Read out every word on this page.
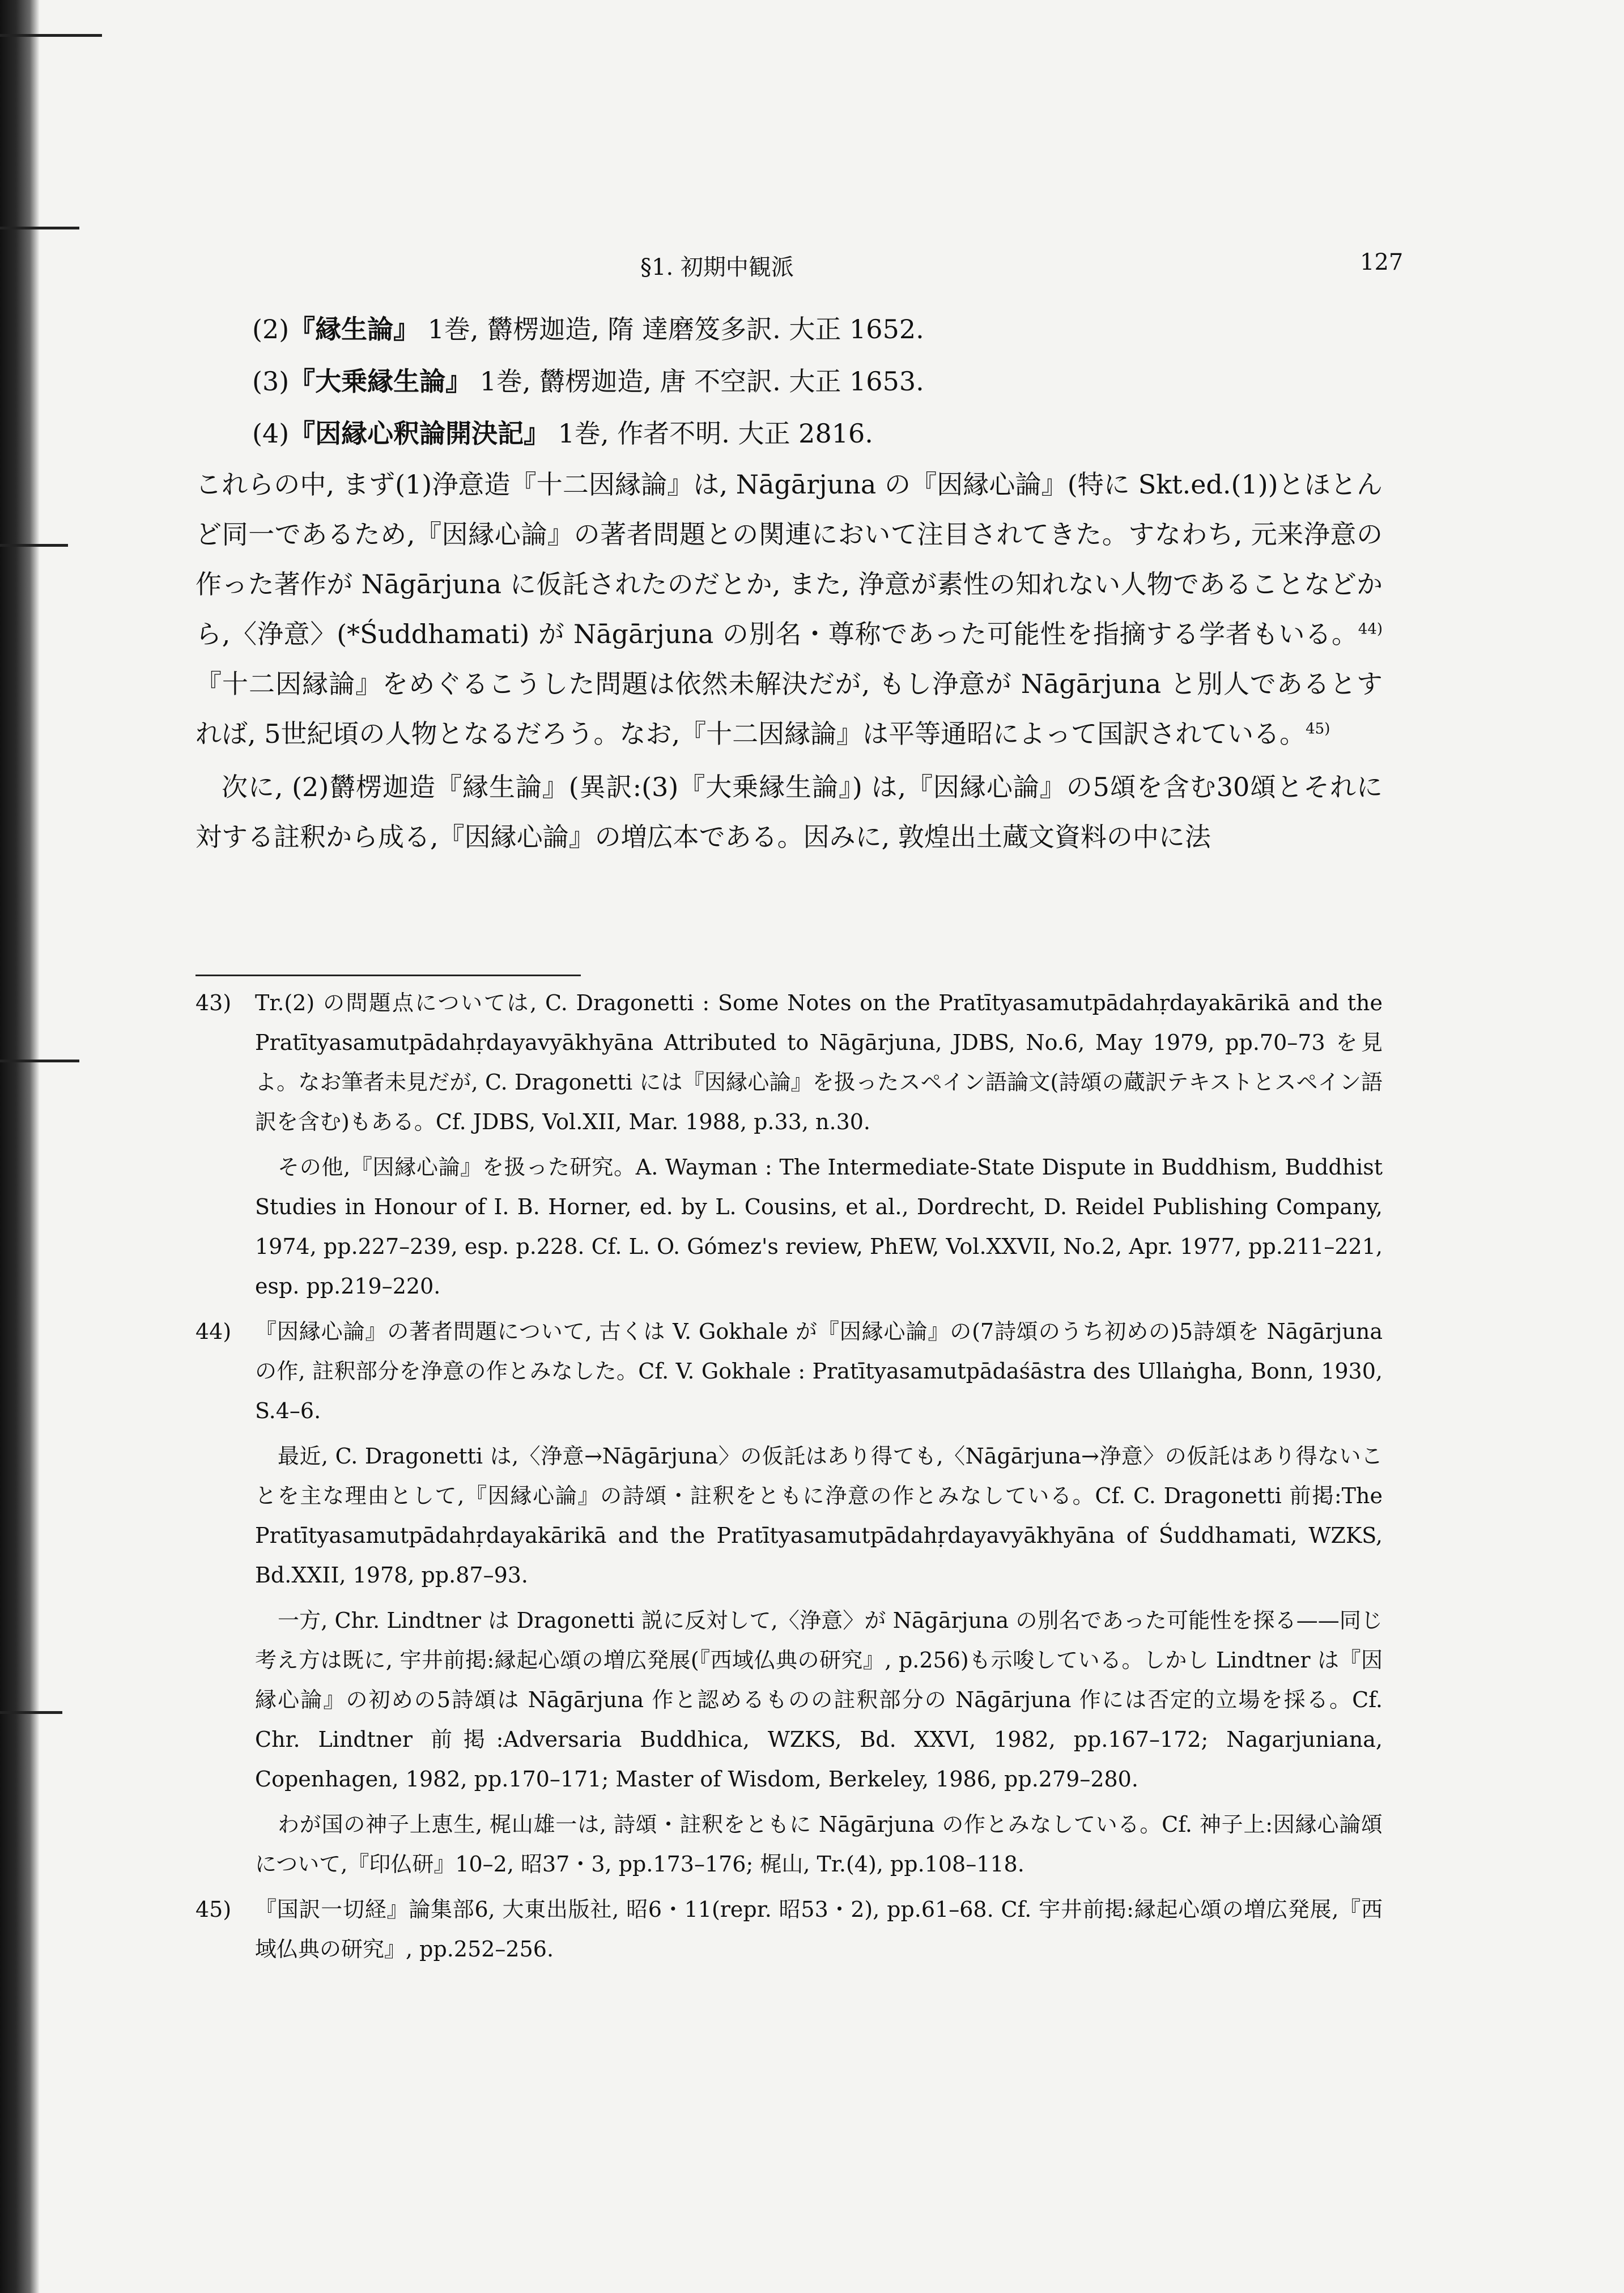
§1. 初期中観派	127

(2)『縁生論』 1巻, 欝楞迦造, 隋 達磨笈多訳. 大正 1652.

(3)『大乗縁生論』 1巻, 欝楞迦造, 唐 不空訳. 大正 1653.

(4)『因縁心釈論開決記』 1巻, 作者不明. 大正 2816.

これらの中, まず(1)浄意造『十二因縁論』は, Nāgārjuna の『因縁心論』(特に Skt.ed.(1))とほとんど同一であるため,『因縁心論』の著者問題との関連において注目されてきた。すなわち, 元来浄意の作った著作が Nāgārjuna に仮託されたのだとか, また, 浄意が素性の知れない人物であることなどから,〈浄意〉(*Śuddhamati) が Nāgārjuna の別名・尊称であった可能性を指摘する学者もいる。$^{44)}$『十二因縁論』をめぐるこうした問題は依然未解決だが, もし浄意が Nāgārjuna と別人であるとすれば, 5世紀頃の人物となるだろう。なお,『十二因縁論』は平等通昭によって国訳されている。$^{45)}$

次に, (2)欝楞迦造『縁生論』(異訳:(3)『大乗縁生論』) は,『因縁心論』の5頌を含む30頌とそれに対する註釈から成る,『因縁心論』の増広本である。因みに, 敦煌出土蔵文資料の中に法

43) Tr.(2) の問題点については, C. Dragonetti : Some Notes on the Pratītyasamutpādahṛdayakārikā and the Pratītyasamutpādahṛdayavyākhyāna Attributed to Nāgārjuna, JDBS, No.6, May 1979, pp.70–73 を見よ。なお筆者未見だが, C. Dragonetti には『因縁心論』を扱ったスペイン語論文(詩頌の蔵訳テキストとスペイン語訳を含む)もある。Cf. JDBS, Vol.XII, Mar. 1988, p.33, n.30.

その他,『因縁心論』を扱った研究。A. Wayman : The Intermediate-State Dispute in Buddhism, Buddhist Studies in Honour of I. B. Horner, ed. by L. Cousins, et al., Dordrecht, D. Reidel Publishing Company, 1974, pp.227–239, esp. p.228. Cf. L. O. Gómez's review, PhEW, Vol.XXVII, No.2, Apr. 1977, pp.211–221, esp. pp.219–220.

44) 『因縁心論』の著者問題について, 古くは V. Gokhale が『因縁心論』の(7詩頌のうち初めの)5詩頌を Nāgārjuna の作, 註釈部分を浄意の作とみなした。Cf. V. Gokhale : Pratītyasamutpādaśāstra des Ullaṅgha, Bonn, 1930, S.4–6.

最近, C. Dragonetti は,〈浄意→Nāgārjuna〉の仮託はあり得ても,〈Nāgārjuna→浄意〉の仮託はあり得ないことを主な理由として,『因縁心論』の詩頌・註釈をともに浄意の作とみなしている。Cf. C. Dragonetti 前掲:The Pratītyasamutpādahṛdayakārikā and the Pratītyasamutpādahṛdayavyākhyāna of Śuddhamati, WZKS, Bd.XXII, 1978, pp.87–93.

一方, Chr. Lindtner は Dragonetti 説に反対して,〈浄意〉が Nāgārjuna の別名であった可能性を探る——同じ考え方は既に, 宇井前掲:縁起心頌の増広発展(『西域仏典の研究』, p.256)も示唆している。しかし Lindtner は『因縁心論』の初めの5詩頌は Nāgārjuna 作と認めるものの註釈部分の Nāgārjuna 作には否定的立場を採る。Cf. Chr. Lindtner 前掲:Adversaria Buddhica, WZKS, Bd. XXVI, 1982, pp.167–172; Nagarjuniana, Copenhagen, 1982, pp.170–171; Master of Wisdom, Berkeley, 1986, pp.279–280.

わが国の神子上恵生, 梶山雄一は, 詩頌・註釈をともに Nāgārjuna の作とみなしている。Cf. 神子上:因縁心論頌について,『印仏研』10–2, 昭37・3, pp.173–176; 梶山, Tr.(4), pp.108–118.

45) 『国訳一切経』論集部6, 大東出版社, 昭6・11(repr. 昭53・2), pp.61–68. Cf. 宇井前掲:縁起心頌の増広発展,『西域仏典の研究』, pp.252–256.
